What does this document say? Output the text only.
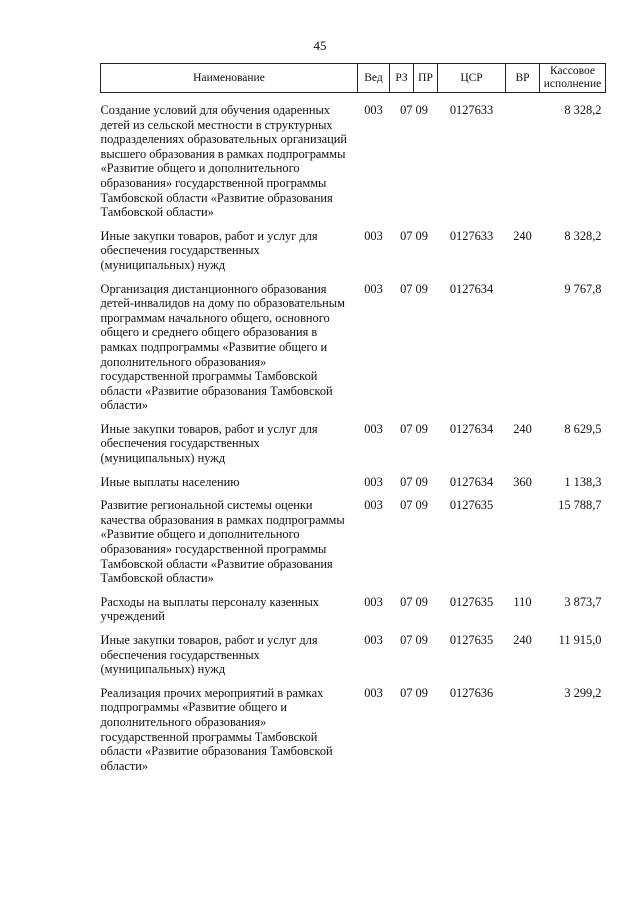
45
Наименование	Вед	РЗ	ПР	ЦСР	ВР	Кассовое исполнение
Создание условий для обучения одаренных детей из сельской местности в структурных подразделениях образовательных организаций высшего образования в рамках подпрограммы «Развитие общего и дополнительного образования» государственной программы Тамбовской области «Развитие образования Тамбовской области»	003	07	09	0127633		8 328,2
Иные закупки товаров, работ и услуг для обеспечения государственных (муниципальных) нужд	003	07	09	0127633	240	8 328,2
Организация дистанционного образования детей-инвалидов на дому по образовательным программам начального общего, основного общего и среднего общего образования в рамках подпрограммы «Развитие общего и дополнительного образования» государственной программы Тамбовской области «Развитие образования Тамбовской области»	003	07	09	0127634		9 767,8
Иные закупки товаров, работ и услуг для обеспечения государственных (муниципальных) нужд	003	07	09	0127634	240	8 629,5
Иные выплаты населению	003	07	09	0127634	360	1 138,3
Развитие региональной системы оценки качества образования в рамках подпрограммы «Развитие общего и дополнительного образования» государственной программы Тамбовской области «Развитие образования Тамбовской области»	003	07	09	0127635		15 788,7
Расходы на выплаты персоналу казенных учреждений	003	07	09	0127635	110	3 873,7
Иные закупки товаров, работ и услуг для обеспечения государственных (муниципальных) нужд	003	07	09	0127635	240	11 915,0
Реализация прочих мероприятий в рамках подпрограммы «Развитие общего и дополнительного образования» государственной программы Тамбовской области «Развитие образования Тамбовской области»	003	07	09	0127636		3 299,2
